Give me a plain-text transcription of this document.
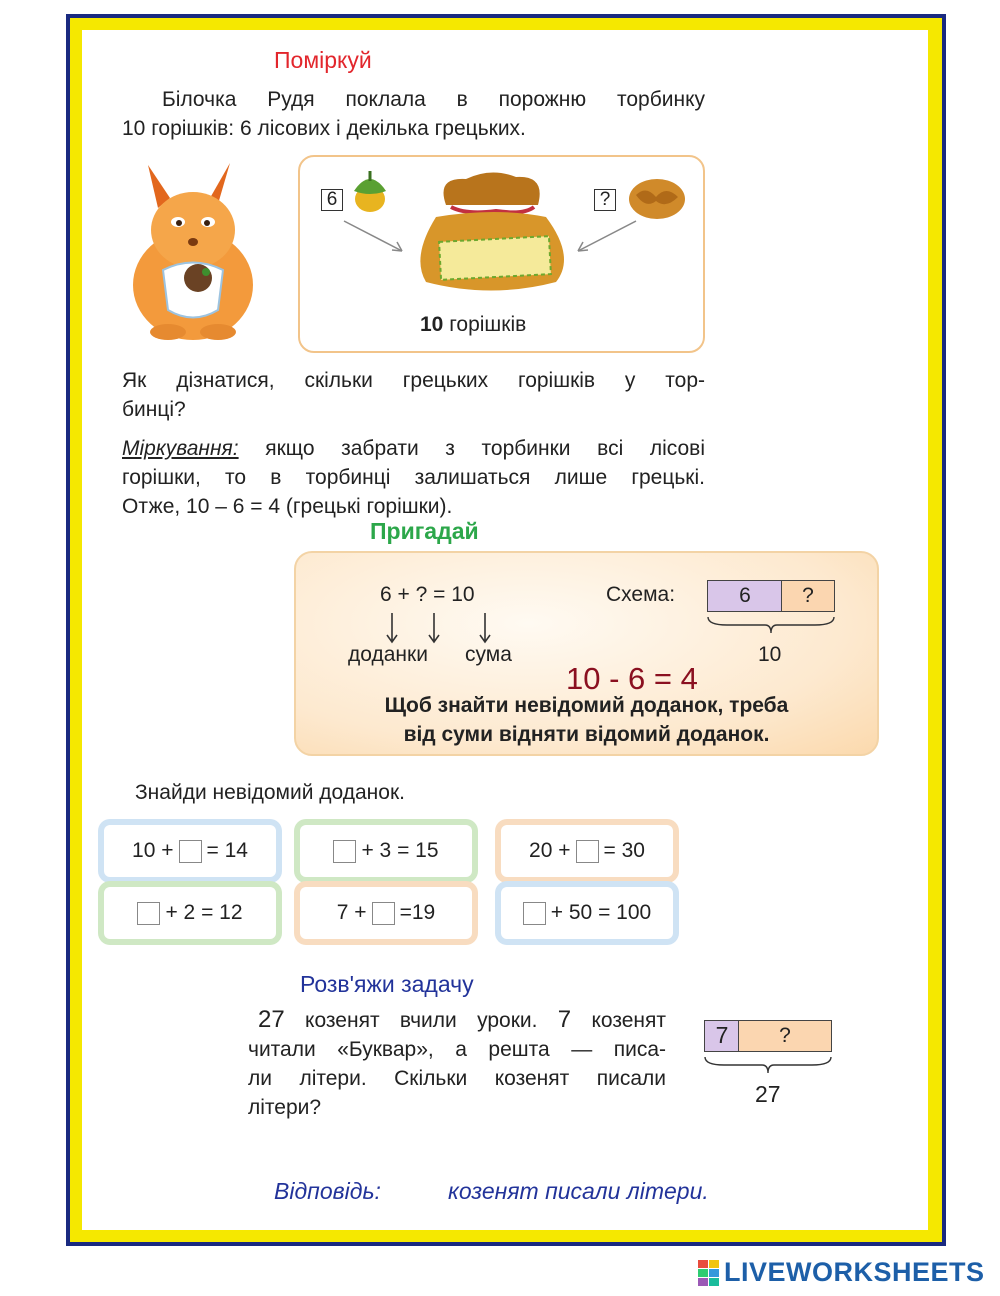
Поміркуй
Білочка Рудя поклала в порожню торбинку
10 горішків: 6 лісових і декілька грецьких.
6	?
10 горішків
Як дізнатися, скільки грецьких горішків у тор-
бинці?
Міркування: якщо забрати з торбинки всі лісові
горішки, то в торбинці залишаться лише грецькі.
Отже, 10 – 6 = 4 (грецькі горішки).
Пригадай
6 + ? = 10
доданки сума
Схема:	6	?
10
10 - 6 = 4
Щоб знайти невідомий доданок, треба
від суми відняти відомий доданок.
Знайди невідомий доданок.
10 + = 14	+ 3 = 15	20 + = 30
+ 2 = 12	7 + =19	+ 50 = 100
Розв'яжи задачу
27 козенят вчили уроки. 7 козенят
читали «Буквар», а решта — писа-
ли літери. Скільки козенят писали
літери?
7	?
27
Відповідь:	козенят писали літери.
LIVEWORKSHEETS
